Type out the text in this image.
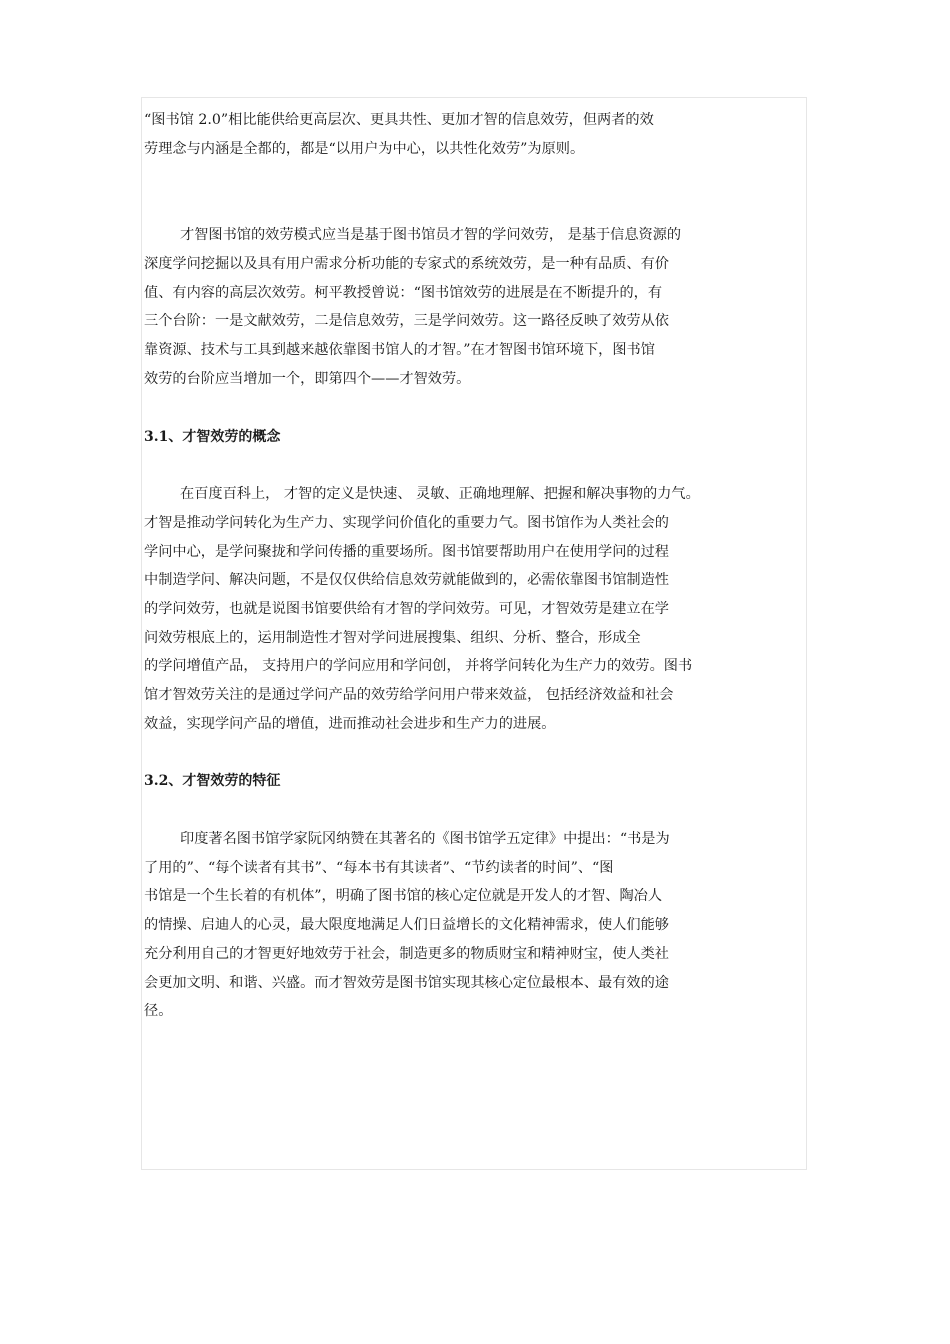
“图书馆 2.0”相比能供给更高层次、更具共性、更加才智的信息效劳，但两者的效
劳理念与内涵是全都的，都是“以用户为中心，以共性化效劳”为原则。
才智图书馆的效劳模式应当是基于图书馆员才智的学问效劳， 是基于信息资源的
深度学问挖掘以及具有用户需求分析功能的专家式的系统效劳，是一种有品质、有价
值、有内容的高层次效劳。柯平教授曾说：“图书馆效劳的进展是在不断提升的，有
三个台阶：一是文献效劳，二是信息效劳，三是学问效劳。这一路径反映了效劳从依
靠资源、技术与工具到越来越依靠图书馆人的才智。”在才智图书馆环境下，图书馆
效劳的台阶应当增加一个，即第四个——才智效劳。
3.1、才智效劳的概念
在百度百科上， 才智的定义是快速、 灵敏、正确地理解、把握和解决事物的力气。
才智是推动学问转化为生产力、实现学问价值化的重要力气。图书馆作为人类社会的
学问中心，是学问聚拢和学问传播的重要场所。图书馆要帮助用户在使用学问的过程
中制造学问、解决问题，不是仅仅供给信息效劳就能做到的，必需依靠图书馆制造性
的学问效劳，也就是说图书馆要供给有才智的学问效劳。可见，才智效劳是建立在学
问效劳根底上的，运用制造性才智对学问进展搜集、组织、分析、整合，形成全
的学问增值产品， 支持用户的学问应用和学问创， 并将学问转化为生产力的效劳。图书
馆才智效劳关注的是通过学问产品的效劳给学问用户带来效益， 包括经济效益和社会
效益，实现学问产品的增值，进而推动社会进步和生产力的进展。
3.2、才智效劳的特征
印度著名图书馆学家阮冈纳赞在其著名的《图书馆学五定律》中提出：“书是为
了用的”、“每个读者有其书”、“每本书有其读者”、“节约读者的时间”、“图
书馆是一个生长着的有机体”，明确了图书馆的核心定位就是开发人的才智、陶冶人
的情操、启迪人的心灵，最大限度地满足人们日益增长的文化精神需求，使人们能够
充分利用自己的才智更好地效劳于社会，制造更多的物质财宝和精神财宝，使人类社
会更加文明、和谐、兴盛。而才智效劳是图书馆实现其核心定位最根本、最有效的途
径。
